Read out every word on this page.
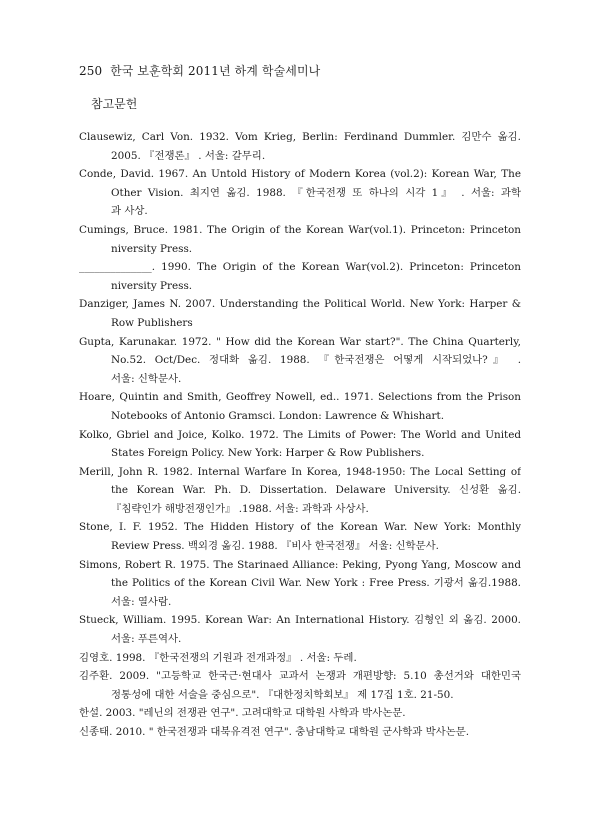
250 한국 보훈학회 2011년 하계 학술세미나
참고문헌
Clausewiz, Carl Von. 1932. Vom Krieg, Berlin: Ferdinand Dummler. 김만수 옮김.
2005. 『전쟁론』 . 서울: 갈무리.
Conde, David. 1967. An Untold History of Modern Korea (vol.2): Korean War, The
Other Vision. 최지연 옮김. 1988. 『한국전쟁 또 하나의 시각 1』 . 서울: 과학
과 사상.
Cumings, Bruce. 1981. The Origin of the Korean War(vol.1). Princeton: Princeton
niversity Press.
______________. 1990. The Origin of the Korean War(vol.2). Princeton: Princeton
niversity Press.
Danziger, James N. 2007. Understanding the Political World. New York: Harper &
Row Publishers
Gupta, Karunakar. 1972. " How did the Korean War start?". The China Quarterly,
No.52. Oct/Dec. 정대화 옮김. 1988. 『한국전쟁은 어떻게 시작되었나?』 .
서울: 신학문사.
Hoare, Quintin and Smith, Geoffrey Nowell, ed.. 1971. Selections from the Prison
Notebooks of Antonio Gramsci. London: Lawrence & Whishart.
Kolko, Gbriel and Joice, Kolko. 1972. The Limits of Power: The World and United
States Foreign Policy. New York: Harper & Row Publishers.
Merill, John R. 1982. Internal Warfare In Korea, 1948-1950: The Local Setting of
the Korean War. Ph. D. Dissertation. Delaware University. 신성환 옮김.
『침략인가 해방전쟁인가』 .1988. 서울: 과학과 사상사.
Stone, I. F. 1952. The Hidden History of the Korean War. New York: Monthly
Review Press. 백외경 옮김. 1988. 『비사 한국전쟁』 서울: 신학문사.
Simons, Robert R. 1975. The Starinaed Alliance: Peking, Pyong Yang, Moscow and
the Politics of the Korean Civil War. New York : Free Press. 기광서 옮김.1988.
서울: 열사람.
Stueck, William. 1995. Korean War: An International History. 김형인 외 옮김. 2000.
서울: 푸른역사.
김영호. 1998. 『한국전쟁의 기원과 전개과정』 . 서울: 두레.
김주환. 2009. "고등학교 한국근·현대사 교과서 논쟁과 개편방향: 5.10 총선거와 대한민국
정통성에 대한 서술을 중심으로". 『대한정치학회보』 제 17집 1호. 21-50.
한설. 2003. "레닌의 전쟁관 연구". 고려대학교 대학원 사학과 박사논문.
신종태. 2010. " 한국전쟁과 대북유격전 연구". 충남대학교 대학원 군사학과 박사논문.
